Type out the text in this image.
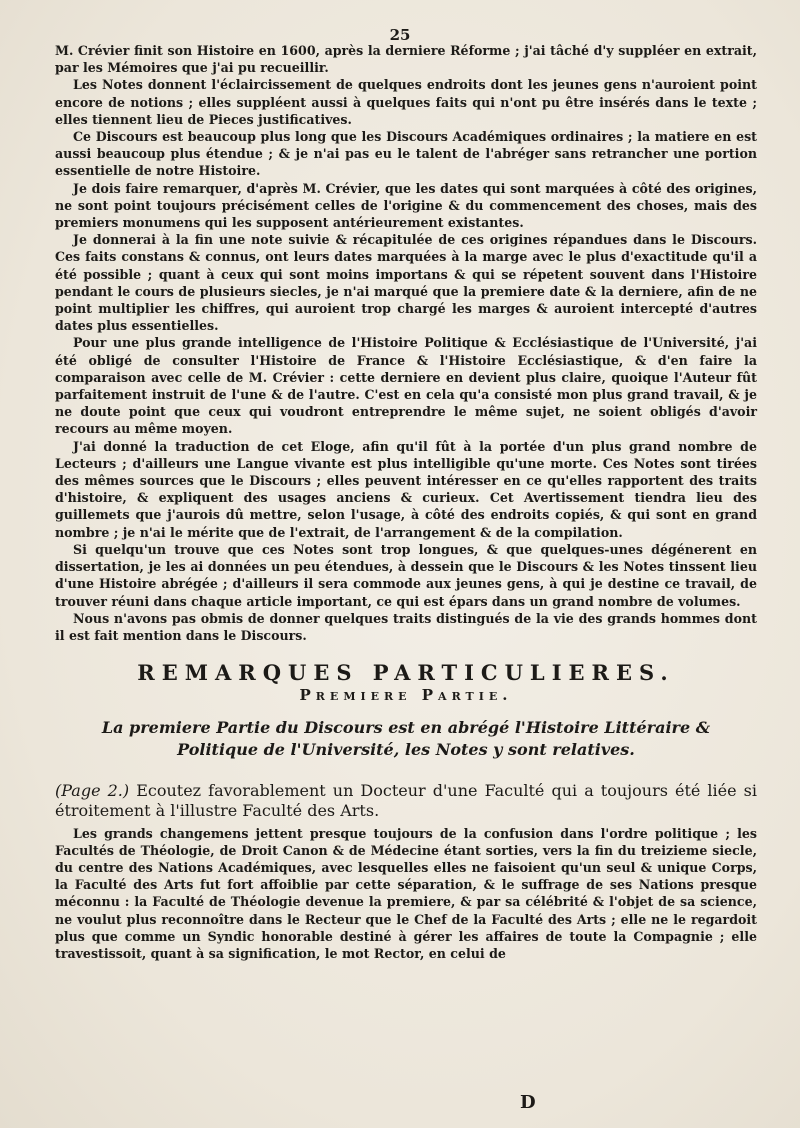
25

M. Crévier finit son Histoire en 1600, après la derniere Réforme ; j'ai tâché d'y suppléer en extrait, par les Mémoires que j'ai pu recueillir.

Les Notes donnent l'éclaircissement de quelques endroits dont les jeunes gens n'auroient point encore de notions ; elles suppléent aussi à quelques faits qui n'ont pu être insérés dans le texte ; elles tiennent lieu de Pieces justificatives.

Ce Discours est beaucoup plus long que les Discours Académiques ordinaires ; la matiere en est aussi beaucoup plus étendue ; & je n'ai pas eu le talent de l'abréger sans retrancher une portion essentielle de notre Histoire.

Je dois faire remarquer, d'après M. Crévier, que les dates qui sont marquées à côté des origines, ne sont point toujours précisément celles de l'origine & du commencement des choses, mais des premiers monumens qui les supposent antérieurement existantes.

Je donnerai à la fin une note suivie & récapitulée de ces origines répandues dans le Discours. Ces faits constans & connus, ont leurs dates marquées à la marge avec le plus d'exactitude qu'il a été possible ; quant à ceux qui sont moins importans & qui se répetent souvent dans l'Histoire pendant le cours de plusieurs siecles, je n'ai marqué que la premiere date & la derniere, afin de ne point multiplier les chiffres, qui auroient trop chargé les marges & auroient intercepté d'autres dates plus essentielles.

Pour une plus grande intelligence de l'Histoire Politique & Ecclésiastique de l'Université, j'ai été obligé de consulter l'Histoire de France & l'Histoire Ecclésiastique, & d'en faire la comparaison avec celle de M. Crévier : cette derniere en devient plus claire, quoique l'Auteur fût parfaitement instruit de l'une & de l'autre. C'est en cela qu'a consisté mon plus grand travail, & je ne doute point que ceux qui voudront entreprendre le même sujet, ne soient obligés d'avoir recours au même moyen.

J'ai donné la traduction de cet Eloge, afin qu'il fût à la portée d'un plus grand nombre de Lecteurs ; d'ailleurs une Langue vivante est plus intelligible qu'une morte. Ces Notes sont tirées des mêmes sources que le Discours ; elles peuvent intéresser en ce qu'elles rapportent des traits d'histoire, & expliquent des usages anciens & curieux. Cet Avertissement tiendra lieu des guillemets que j'aurois dû mettre, selon l'usage, à côté des endroits copiés, & qui sont en grand nombre ; je n'ai le mérite que de l'extrait, de l'arrangement & de la compilation.

Si quelqu'un trouve que ces Notes sont trop longues, & que quelques-unes dégénerent en dissertation, je les ai données un peu étendues, à dessein que le Discours & les Notes tinssent lieu d'une Histoire abrégée ; d'ailleurs il sera commode aux jeunes gens, à qui je destine ce travail, de trouver réuni dans chaque article important, ce qui est épars dans un grand nombre de volumes.

Nous n'avons pas obmis de donner quelques traits distingués de la vie des grands hommes dont il est fait mention dans le Discours.

REMARQUES PARTICULIERES.
Premiere Partie.
La premiere Partie du Discours est en abrégé l'Histoire Littéraire & Politique de l'Université, les Notes y sont relatives.
(Page 2.) Ecoutez favorablement un Docteur d'une Faculté qui a toujours été liée si étroitement à l'illustre Faculté des Arts.

Les grands changemens jettent presque toujours de la confusion dans l'ordre politique ; les Facultés de Théologie, de Droit Canon & de Médecine étant sorties, vers la fin du treizieme siecle, du centre des Nations Académiques, avec lesquelles elles ne faisoient qu'un seul & unique Corps, la Faculté des Arts fut fort affoiblie par cette séparation, & le suffrage de ses Nations presque méconnu : la Faculté de Théologie devenue la premiere, & par sa célébrité & l'objet de sa science, ne voulut plus reconnoître dans le Recteur que le Chef de la Faculté des Arts ; elle ne le regardoit plus que comme un Syndic honorable destiné à gérer les affaires de toute la Compagnie ; elle travestissoit, quant à sa signification, le mot Rector, en celui de

D
